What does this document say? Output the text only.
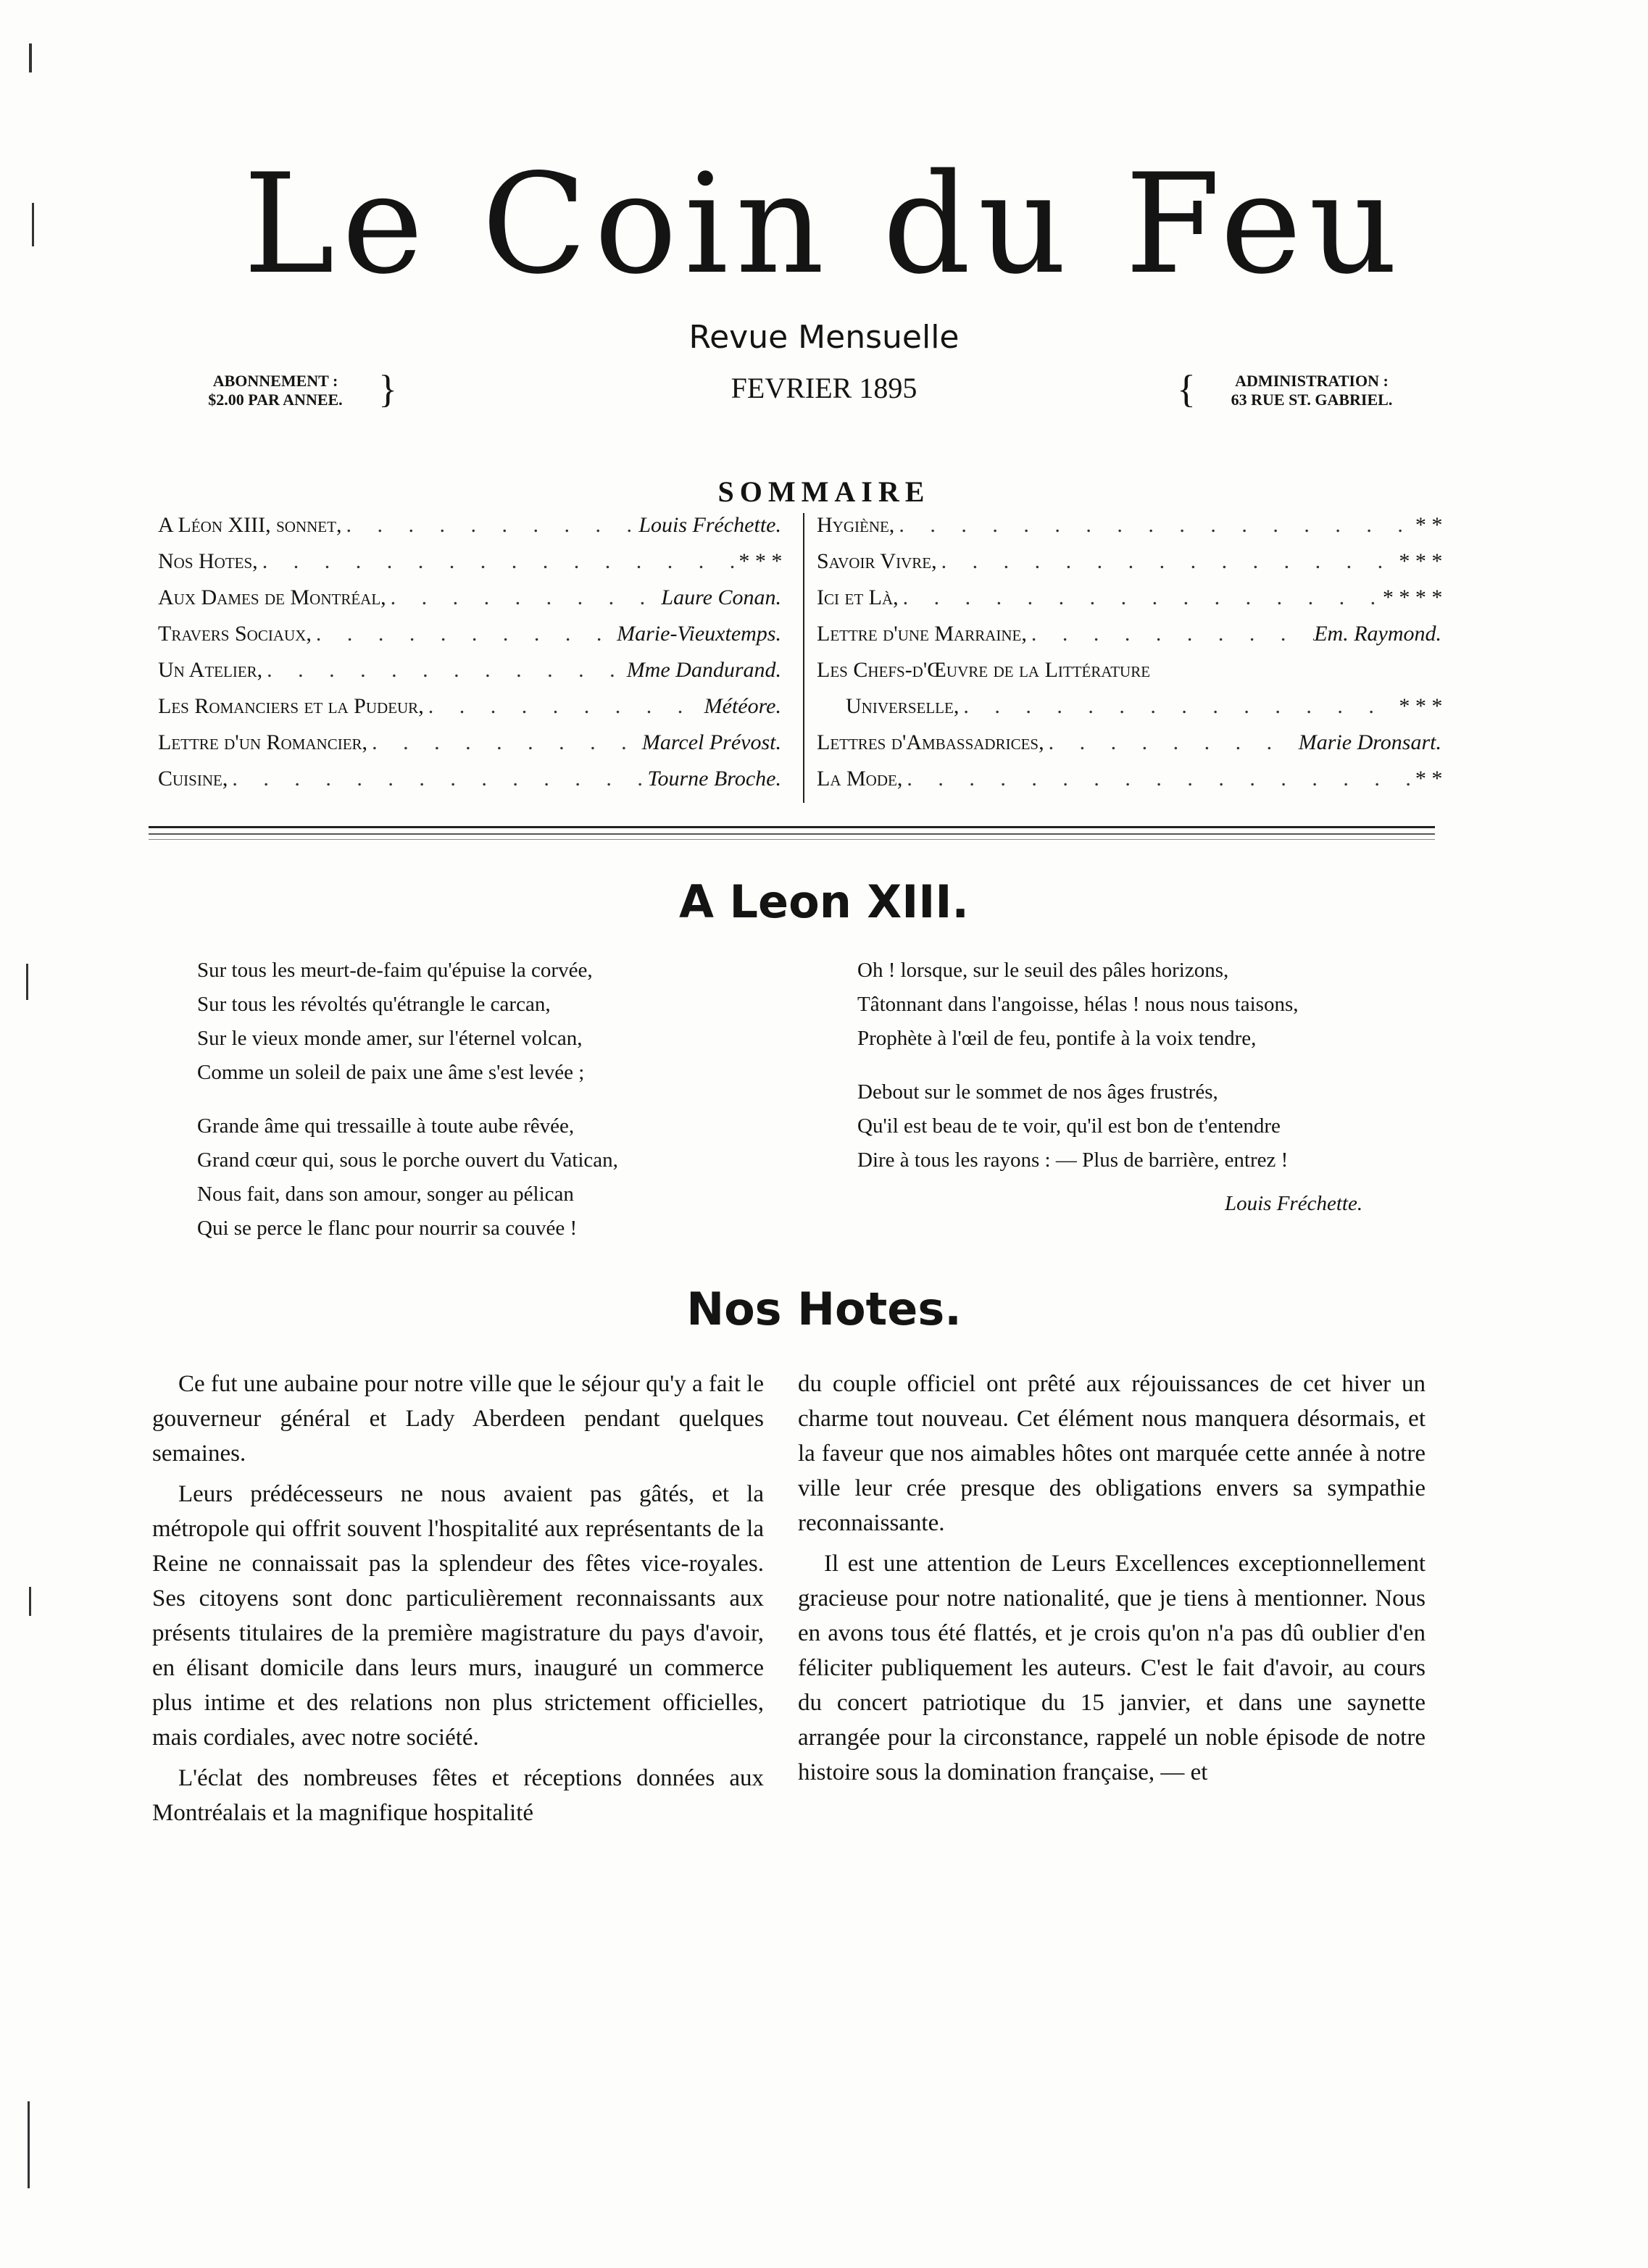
Le Coin du Feu
Revue Mensuelle
FEVRIER 1895
ABONNEMENT :
$2.00 PAR ANNEE. }	{	ADMINISTRATION :
63 RUE ST. GABRIEL.
SOMMAIRE
A Léon XIII, sonnet, . . .	Louis Fréchette.
Nos Hotes, . . .	* * *
Aux Dames de Montréal, . . .	Laure Conan.
Travers Sociaux, . . .	Marie-Vieuxtemps.
Un Atelier, . . .	Mme Dandurand.
Les Romanciers et la Pudeur, . . .	Météore.
Lettre d'un Romancier, . . .	Marcel Prévost.
Cuisine, . . .	Tourne Broche.
Hygiène, . . .	* *
Savoir Vivre, . . .	* * *
Ici et Là, . . .	* * * *
Lettre d'une Marraine, . . .	Em. Raymond.
Les Chefs-d'Œuvre de la Littérature
Universelle, . . .	* * *
Lettres d'Ambassadrices, . . .	Marie Dronsart.
La Mode, . . .	* *
A Leon XIII.
Sur tous les meurt-de-faim qu'épuise la corvée,
Sur tous les révoltés qu'étrangle le carcan,
Sur le vieux monde amer, sur l'éternel volcan,
Comme un soleil de paix une âme s'est levée ;
Grande âme qui tressaille à toute aube rêvée,
Grand cœur qui, sous le porche ouvert du Vatican,
Nous fait, dans son amour, songer au pélican
Qui se perce le flanc pour nourrir sa couvée !
Oh ! lorsque, sur le seuil des pâles horizons,
Tâtonnant dans l'angoisse, hélas ! nous nous taisons,
Prophète à l'œil de feu, pontife à la voix tendre,
Debout sur le sommet de nos âges frustrés,
Qu'il est beau de te voir, qu'il est bon de t'entendre
Dire à tous les rayons : — Plus de barrière, entrez !
Louis Fréchette.
Nos Hotes.

Ce fut une aubaine pour notre ville que le séjour qu'y a fait le gouverneur général et Lady Aberdeen pendant quelques semaines.

Leurs prédécesseurs ne nous avaient pas gâtés, et la métropole qui offrit souvent l'hospitalité aux représentants de la Reine ne connaissait pas la splendeur des fêtes vice-royales. Ses citoyens sont donc particulièrement reconnaissants aux présents titulaires de la première magistrature du pays d'avoir, en élisant domicile dans leurs murs, inauguré un commerce plus intime et des relations non plus strictement officielles, mais cordiales, avec notre société.

L'éclat des nombreuses fêtes et réceptions données aux Montréalais et la magnifique hospitalité

du couple officiel ont prêté aux réjouissances de cet hiver un charme tout nouveau. Cet élément nous manquera désormais, et la faveur que nos aimables hôtes ont marquée cette année à notre ville leur crée presque des obligations envers sa sympathie reconnaissante.

Il est une attention de Leurs Excellences exceptionnellement gracieuse pour notre nationalité, que je tiens à mentionner. Nous en avons tous été flattés, et je crois qu'on n'a pas dû oublier d'en féliciter publiquement les auteurs. C'est le fait d'avoir, au cours du concert patriotique du 15 janvier, et dans une saynette arrangée pour la circonstance, rappelé un noble épisode de notre histoire sous la domination française, — et
